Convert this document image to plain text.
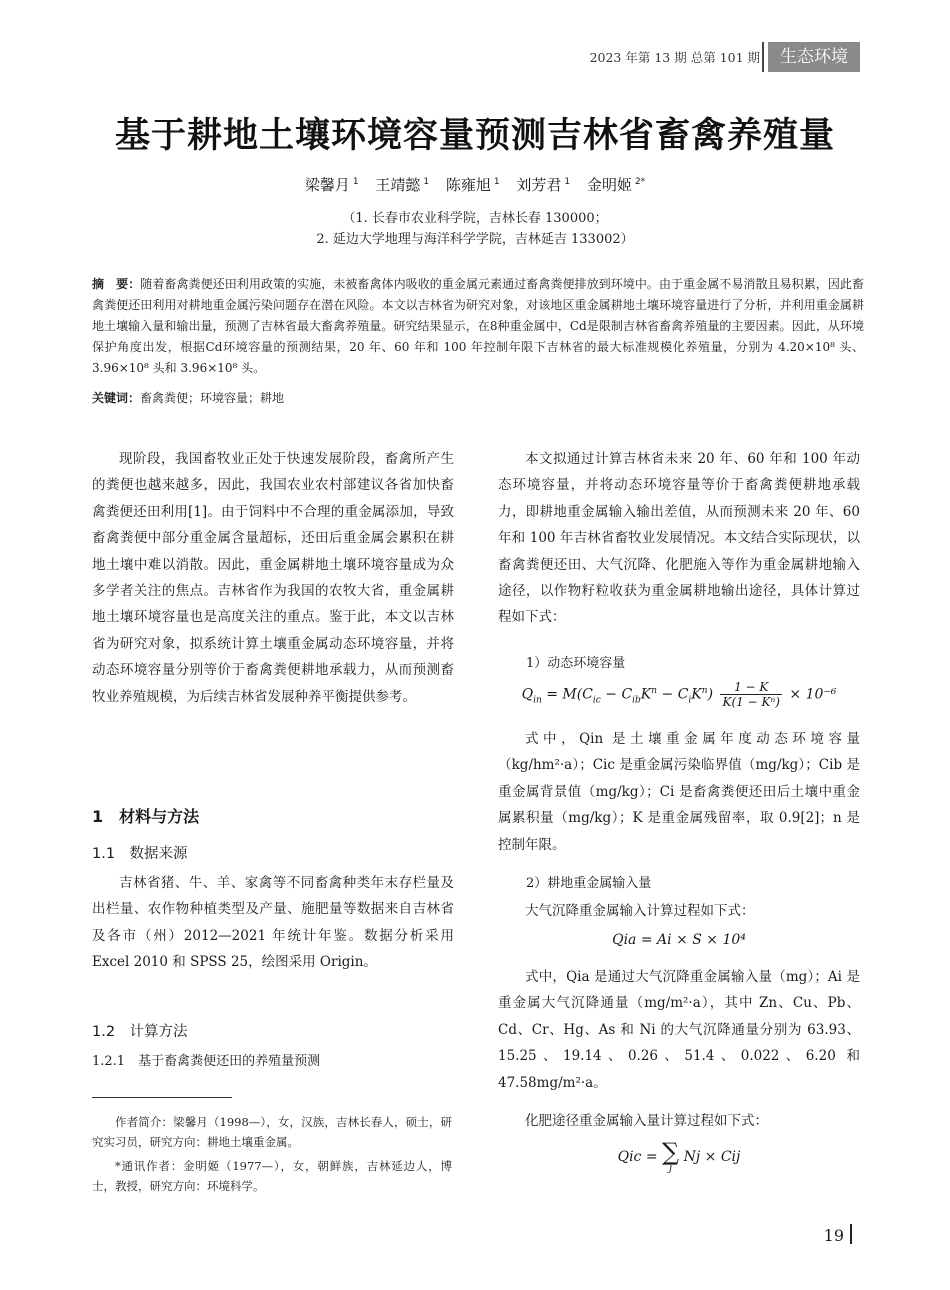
2023 年第 13 期 总第 101 期	生态环境
基于耕地土壤环境容量预测吉林省畜禽养殖量
梁馨月 $^1$ 王靖懿 $^1$ 陈雍旭 $^1$ 刘芳君 $^1$ 金明姬 $^{2*}$
（1. 长春市农业科学院，吉林长春 130000；
2. 延边大学地理与海洋科学学院，吉林延吉 133002）
摘　要：随着畜禽粪便还田利用政策的实施，未被畜禽体内吸收的重金属元素通过畜禽粪便排放到环境中。由于重金属不易消散且易积累，因此畜禽粪便还田利用对耕地重金属污染问题存在潜在风险。本文以吉林省为研究对象，对该地区重金属耕地土壤环境容量进行了分析，并利用重金属耕地土壤输入量和输出量，预测了吉林省最大畜禽养殖量。研究结果显示，在8种重金属中，Cd是限制吉林省畜禽养殖量的主要因素。因此，从环境保护角度出发，根据Cd环境容量的预测结果，20 年、60 年和 100 年控制年限下吉林省的最大标准规模化养殖量，分别为 4.20×10⁸ 头、3.96×10⁸ 头和 3.96×10⁸ 头。
关键词：畜禽粪便；环境容量；耕地
现阶段，我国畜牧业正处于快速发展阶段，畜禽所产生的粪便也越来越多，因此，我国农业农村部建议各省加快畜禽粪便还田利用[1]。由于饲料中不合理的重金属添加，导致畜禽粪便中部分重金属含量超标，还田后重金属会累积在耕地土壤中难以消散。因此，重金属耕地土壤环境容量成为众多学者关注的焦点。吉林省作为我国的农牧大省，重金属耕地土壤环境容量也是高度关注的重点。鉴于此，本文以吉林省为研究对象，拟系统计算土壤重金属动态环境容量，并将动态环境容量分别等价于畜禽粪便耕地承载力，从而预测畜牧业养殖规模，为后续吉林省发展种养平衡提供参考。
1　材料与方法
1.1　数据来源
吉林省猪、牛、羊、家禽等不同畜禽种类年末存栏量及出栏量、农作物种植类型及产量、施肥量等数据来自吉林省及各市（州）2012—2021 年统计年鉴。数据分析采用 Excel 2010 和 SPSS 25，绘图采用 Origin。
1.2　计算方法
1.2.1　基于畜禽粪便还田的养殖量预测
作者简介：梁馨月（1998—），女，汉族，吉林长春人，硕士，研究实习员，研究方向：耕地土壤重金属。
*通讯作者：金明姬（1977—），女，朝鲜族，吉林延边人，博士，教授，研究方向：环境科学。
本文拟通过计算吉林省未来 20 年、60 年和 100 年动态环境容量，并将动态环境容量等价于畜禽粪便耕地承载力，即耕地重金属输入输出差值，从而预测未来 20 年、60 年和 100 年吉林省畜牧业发展情况。本文结合实际现状，以畜禽粪便还田、大气沉降、化肥施入等作为重金属耕地输入途径，以作物籽粒收获为重金属耕地输出途径，具体计算过程如下式：
1）动态环境容量
$Q_{in} = M(C_{ic} - C_{ib}K^n - C_iK^n) \frac{1 - K}{\text{K(1 − Kⁿ)}} \times 10^{-6}$
式中，Qin 是土壤重金属年度动态环境容量（kg/hm²·a）；Cic 是重金属污染临界值（mg/kg）；Cib 是重金属背景值（mg/kg）；Ci 是畜禽粪便还田后土壤中重金属累积量（mg/kg）；K 是重金属残留率，取 0.9[2]；n 是控制年限。
2）耕地重金属输入量
大气沉降重金属输入计算过程如下式：
Qia = Ai × S × 10⁴
式中，Qia 是通过大气沉降重金属输入量（mg）；Ai 是重金属大气沉降通量（mg/m²·a），其中 Zn、Cu、Pb、Cd、Cr、Hg、As 和 Ni 的大气沉降通量分别为 63.93、15.25、19.14、0.26、51.4、0.022、6.20 和 47.58mg/m²·a。
化肥途径重金属输入量计算过程如下式：
Qic = ∑
j
Nj × Cij
19
